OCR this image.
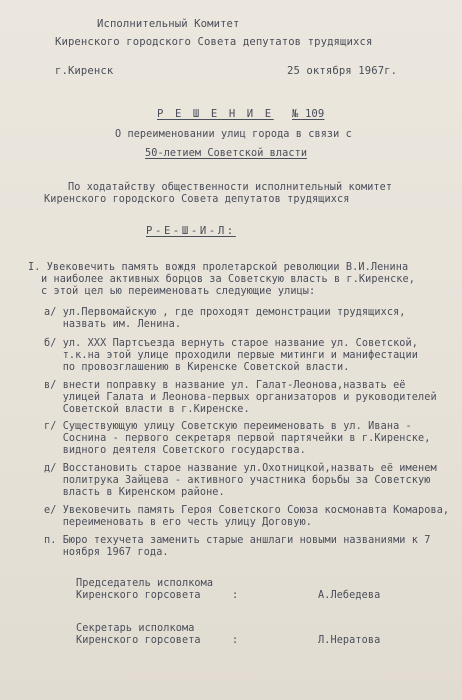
Исполнительный Комитет
Киренского городского Совета депутатов трудящихся
г.Киренск	25 октября 1967г.
Р Е Ш Е Н И Е № 109
О переименовании улиц города в связи с
50-летием Советской власти
По ходатайству общественности исполнительный комитет
Киренского городского Совета депутатов трудящихся
Р-Е-Ш-И-Л:
I. Увековечить память вождя пролетарской революции В.И.Ленина
и наиболее активных борцов за Советскую власть в г.Киренске,
с этой цел ью переименовать следующие улицы:
а/ ул.Первомайскую , где проходят демонстрации трудящихся,
назвать им. Ленина.
б/ ул. ХХХ Партсъезда вернуть старое название ул. Советской,
т.к.на этой улице проходили первые митинги и манифестации
по провозглашению в Киренске Советской власти.
в/ внести поправку в название ул. Галат-Леонова,назвать её
улицей Галата и Леонова-первых организаторов и руководителей
Советской власти в г.Киренске.
г/ Существующую улицу Советскую переименовать в ул. Ивана -
Соснина - первого секретаря первой партячейки в г.Киренске,
видного деятеля Советского государства.
д/ Восстановить старое название ул.Охотницкой,назвать её именем
политрука Зайцева - активного участника борьбы за Советскую
власть в Киренском районе.
е/ Увековечить память Героя Советского Союза космонавта Комарова,
переименовать в его честь улицу Договую.
п. Бюро техучета заменить старые аншлаги новыми названиями к 7
ноября 1967 года.
Председатель исполкома
Киренского горсовета	:	А.Лебедева
Секретарь исполкома
Киренского горсовета	:	Л.Нератова
